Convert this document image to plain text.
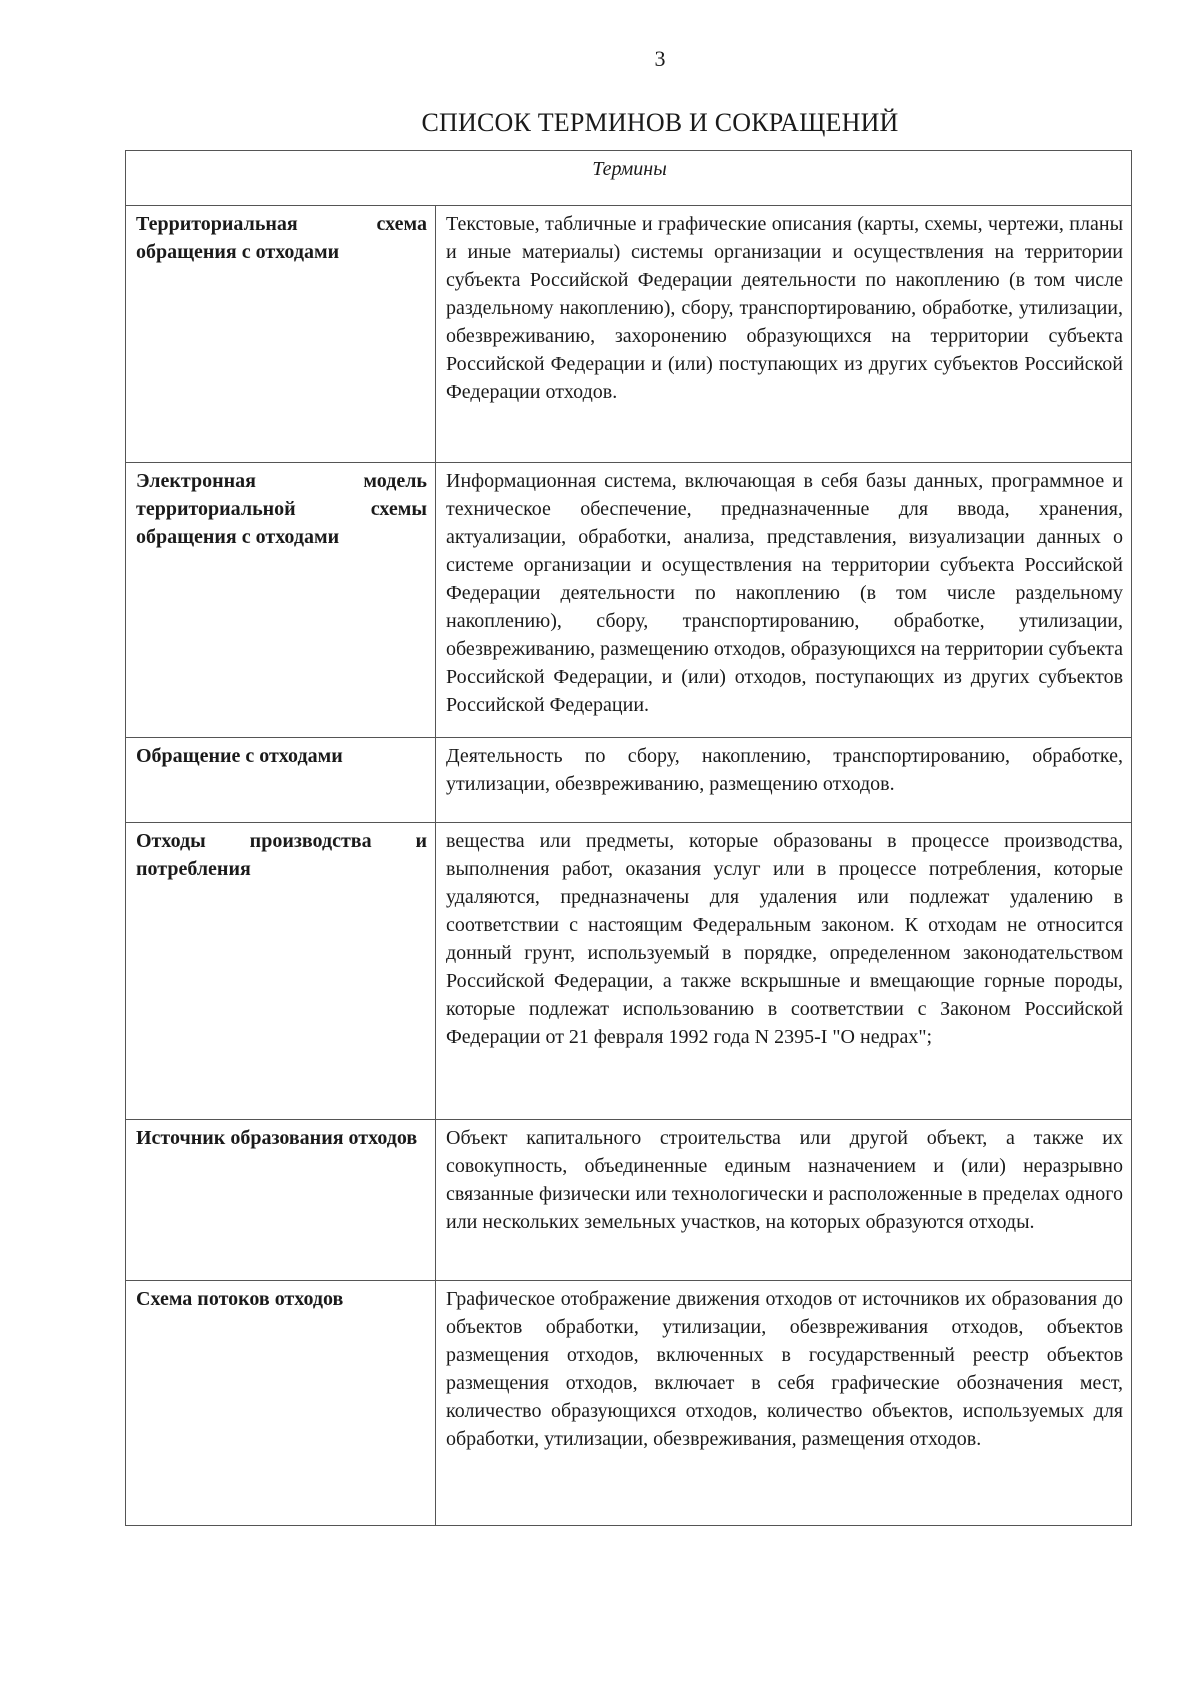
3
СПИСОК ТЕРМИНОВ И СОКРАЩЕНИЙ
Термины	
Территориальная схема обращения с отходами	Текстовые, табличные и графические описания (карты, схемы, чертежи, планы и иные материалы) системы организации и осуществления на территории субъекта Российской Федерации деятельности по накоплению (в том числе раздельному накоплению), сбору, транспортированию, обработке, утилизации, обезвреживанию, захоронению образующихся на территории субъекта Российской Федерации и (или) поступающих из других субъектов Российской Федерации отходов.
Электронная модель территориальной схемы обращения с отходами	Информационная система, включающая в себя базы данных, программное и техническое обеспечение, предназначенные для ввода, хранения, актуализации, обработки, анализа, представления, визуализации данных о системе организации и осуществления на территории субъекта Российской Федерации деятельности по накоплению (в том числе раздельному накоплению), сбору, транспортированию, обработке, утилизации, обезвреживанию, размещению отходов, образующихся на территории субъекта Российской Федерации, и (или) отходов, поступающих из других субъектов Российской Федерации.

Обращение с отходами	Деятельность по сбору, накоплению, транспортированию, обработке, утилизации, обезвреживанию, размещению отходов.
Отходы производства и потребления	вещества или предметы, которые образованы в процессе производства, выполнения работ, оказания услуг или в процессе потребления, которые удаляются, предназначены для удаления или подлежат удалению в соответствии с настоящим Федеральным законом. К отходам не относится донный грунт, используемый в порядке, определенном законодательством Российской Федерации, а также вскрышные и вмещающие горные породы, которые подлежат использованию в соответствии с Законом Российской Федерации от 21 февраля 1992 года N 2395-I "О недрах";
Источник образования отходов	Объект капитального строительства или другой объект, а также их совокупность, объединенные единым назначением и (или) неразрывно связанные физически или технологически и расположенные в пределах одного или нескольких земельных участков, на которых образуются отходы.
Схема потоков отходов	Графическое отображение движения отходов от источников их образования до объектов обработки, утилизации, обезвреживания отходов, объектов размещения отходов, включенных в государственный реестр объектов размещения отходов, включает в себя графические обозначения мест, количество образующихся отходов, количество объектов, используемых для обработки, утилизации, обезвреживания, размещения отходов.
